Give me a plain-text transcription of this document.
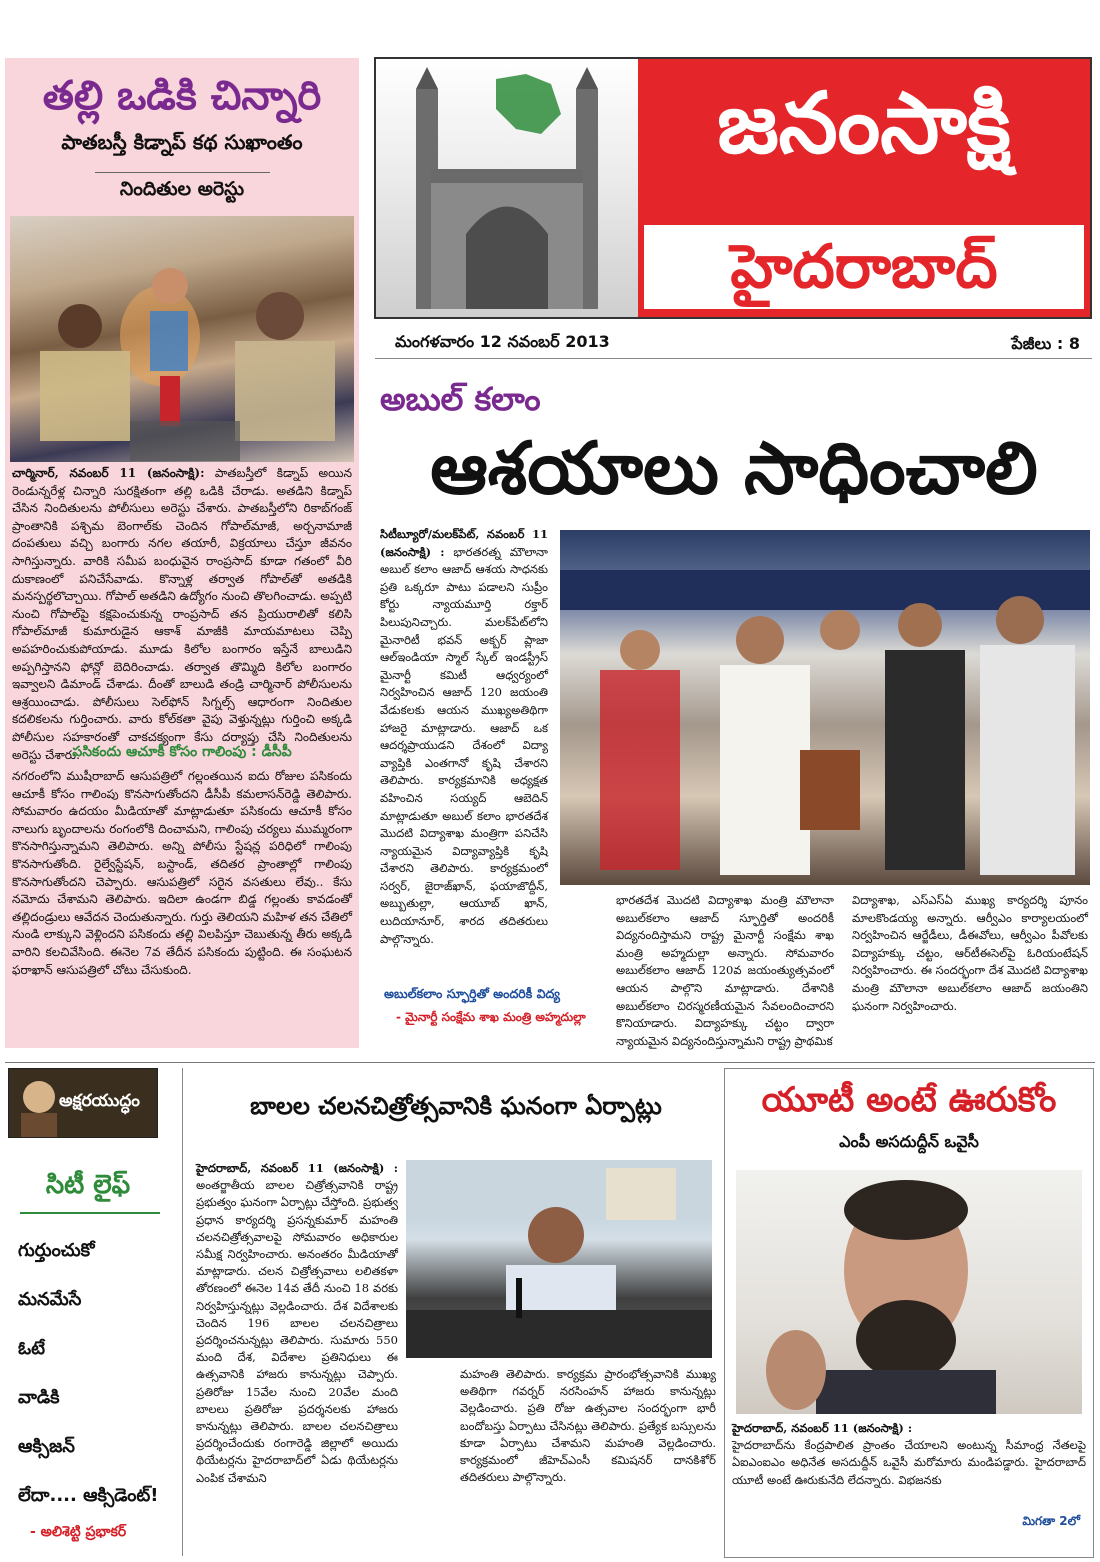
తల్లి ఒడికి చిన్నారి
పాతబస్తీ కిడ్నాప్ కథ సుఖాంతం
నిందితుల అరెస్టు

చార్మినార్, నవంబర్ 11 (జనంసాక్షి): పాతబస్తీలో కిడ్నాప్ అయిన రెండున్నరేళ్ల చిన్నారి సురక్షితంగా తల్లి ఒడికి చేరాడు. అతడిని కిడ్నాప్ చేసిన నిందితులను పోలీసులు అరెస్టు చేశారు. పాతబస్తీలోని రికాబ్‌గంజ్ ప్రాంతానికి పశ్చిమ బెంగాల్‌కు చెందిన గోపాల్‌మాజీ, అర్చనామాజీ దంపతులు వచ్చి బంగారు నగల తయారీ, విక్రయాలు చేస్తూ జీవనం సాగిస్తున్నారు. వారికి సమీప బంధువైన రాంప్రసాద్ కూడా గతంలో వీరి దుకాణంలో పనిచేసేవాడు. కొన్నాళ్ల తర్వాత గోపాల్‌తో అతడికి మనస్పర్థలొచ్చాయి. గోపాల్ అతడిని ఉద్యోగం నుంచి తొలగించాడు. అప్పటి నుంచి గోపాల్‌పై కక్షపెంచుకున్న రాంప్రసాద్ తన ప్రియురాలితో కలిసి గోపాల్‌మాజీ కుమారుడైన ఆకాశ్ మాజీకి మాయమాటలు చెప్పి అపహరించుకుపోయాడు. మూడు కిలోల బంగారం ఇస్తేనే బాలుడిని అప్పగిస్తానని ఫోన్లో బెదిరించాడు. తర్వాత తొమ్మిది కిలోల బంగారం ఇవ్వాలని డిమాండ్ చేశాడు. దీంతో బాలుడి తండ్రి చార్మినార్ పోలీసులను ఆశ్రయించాడు. పోలీసులు సెల్‌ఫోన్ సిగ్నల్స్ ఆధారంగా నిందితుల కదలికలను గుర్తించారు. వారు కోల్‌కతా వైపు వెళ్తున్నట్లు గుర్తించి అక్కడి పోలీసుల సహకారంతో చాకచక్యంగా కేసు దర్యాప్తు చేసి నిందితులను అరెస్టు చేశారు.

పసికందు ఆచూకీ కోసం గాలింపు : డీసీపీ

నగరంలోని ముషీరాబాద్ ఆసుపత్రిలో గల్లంతయిన ఐదు రోజుల పసికందు ఆచూకీ కోసం గాలింపు కొనసాగుతోందని డీసీపీ కమలాసన్‌రెడ్డి తెలిపారు. సోమవారం ఉదయం మీడియాతో మాట్లాడుతూ పసికందు ఆచూకీ కోసం నాలుగు బృందాలను రంగంలోకి దించామని, గాలింపు చర్యలు ముమ్మరంగా కొనసాగిస్తున్నామని తెలిపారు. అన్ని పోలీసు స్టేషన్ల పరిధిలో గాలింపు కొనసాగుతోంది. రైల్వేస్టేషన్, బస్టాండ్, తదితర ప్రాంతాల్లో గాలింపు కొనసాగుతోందని చెప్పారు. ఆసుపత్రిలో సరైన వసతులు లేవు.. కేసు నమోదు చేశామని తెలిపారు. ఇదిలా ఉండగా బిడ్డ గల్లంతు కావడంతో తల్లిదండ్రులు ఆవేదన చెందుతున్నారు. గుర్తు తెలియని మహిళ తన చేతిలో నుండి లాక్కుని వెళ్లిందని పసికందు తల్లి విలపిస్తూ చెబుతున్న తీరు అక్కడి వారిని కలచివేసింది. ఈనెల 7వ తేదీన పసికందు పుట్టింది. ఈ సంఘటన ఫరాఖాన్ ఆసుపత్రిలో చోటు చేసుకుంది.

జనంసాక్షి
హైదరాబాద్
మంగళవారం 12 నవంబర్ 2013	పేజీలు : 8
అబుల్ కలాం
ఆశయాలు సాధించాలి

సిటీబ్యూరో/మలక్‌పేట్, నవంబర్ 11 (జనంసాక్షి) : భారతరత్న మౌలానా అబుల్ కలాం ఆజాద్ ఆశయ సాధనకు ప్రతి ఒక్కరూ పాటు పడాలని సుప్రీం కోర్టు న్యాయమూర్తి రక్తార్ పిలుపునిచ్చారు. మలక్‌పేట్‌లోని మైనారిటీ భవన్ అక్బర్ ప్లాజా ఆల్ఇండియా స్మాల్ స్కేల్ ఇండస్ట్రీస్ మైనార్టీ కమిటీ ఆధ్వర్యంలో నిర్వహించిన ఆజాద్ 120 జయంతి వేడుకలకు ఆయన ముఖ్యఅతిథిగా హాజరై మాట్లాడారు. ఆజాద్ ఒక ఆదర్శప్రాయుడని దేశంలో విద్యా వ్యాప్తికి ఎంతగానో కృషి చేశారని తెలిపారు. కార్యక్రమానికి అధ్యక్షత వహించిన సయ్యద్ ఆబెదిన్ మాట్లాడుతూ అబుల్ కలాం భారతదేశ మొదటి విద్యాశాఖ మంత్రిగా పనిచేసి న్యాయమైన విద్యావ్యాప్తికి కృషి చేశారని తెలిపారు. కార్యక్రమంలో సర్వర్, జైరాజ్‌ఖాన్, ఫయాజొద్దీన్, అబ్బుతుల్లా, ఆయూబ్ ఖాన్, లుదియానూర్, శారద తదితరులు పాల్గొన్నారు.

అబుల్‌కలాం స్ఫూర్తితో అందరికీ విద్య
- మైనార్టీ సంక్షేమ శాఖ మంత్రి అహ్మదుల్లా

భారతదేశ మొదటి విద్యాశాఖ మంత్రి మౌలానా అబుల్‌కలాం ఆజాద్ స్ఫూర్తితో అందరికీ విద్యనందిస్తామని రాష్ట్ర మైనార్టీ సంక్షేమ శాఖ మంత్రి అహ్మదుల్లా అన్నారు. సోమవారం అబుల్‌కలాం ఆజాద్ 120వ జయంత్యుత్సవంలో ఆయన పాల్గొని మాట్లాడారు. దేశానికి అబుల్‌కలాం చిరస్మరణీయమైన సేవలందించారని కొనియాడారు. విద్యాహక్కు చట్టం ద్వారా న్యాయమైన విద్యనందిస్తున్నామని రాష్ట్ర ప్రాథమిక

విద్యాశాఖ, ఎస్ఎస్ఏ ముఖ్య కార్యదర్శి పూనం మాలకొండయ్య అన్నారు. ఆర్వీఎం కార్యాలయంలో నిర్వహించిన ఆర్జేడీలు, డీఈవోలు, ఆర్వీఎం పీవోలకు విద్యాహక్కు చట్టం, ఆర్‌టీఈసెల్‌పై ఓరియంటేషన్ నిర్వహించారు. ఈ సందర్భంగా దేశ మొదటి విద్యాశాఖ మంత్రి మౌలానా అబుల్‌కలాం ఆజాద్ జయంతిని ఘనంగా నిర్వహించారు.

అక్షరయుద్ధం
సిటీ లైఫ్
గుర్తుంచుకో
మనమేసే
ఓటే
వాడికి
ఆక్సిజన్
లేదా.... ఆక్సిడెంట్!
- అలిశెట్టి ప్రభాకర్
బాలల చలనచిత్రోత్సవానికి ఘనంగా ఏర్పాట్లు

హైదరాబాద్, నవంబర్ 11 (జనంసాక్షి) : అంతర్జాతీయ బాలల చిత్రోత్సవానికి రాష్ట్ర ప్రభుత్వం ఘనంగా ఏర్పాట్లు చేస్తోంది. ప్రభుత్వ ప్రధాన కార్యదర్శి ప్రసన్నకుమార్ మహంతి చలనచిత్రోత్సవాలపై సోమవారం అధికారుల సమీక్ష నిర్వహించారు. అనంతరం మీడియాతో మాట్లాడారు. చలన చిత్రోత్సవాలు లలితకళా తోరణంలో ఈనెల 14వ తేదీ నుంచి 18 వరకు నిర్వహిస్తున్నట్లు వెల్లడించారు. దేశ విదేశాలకు చెందిన 196 బాలల చలనచిత్రాలు ప్రదర్శించనున్నట్లు తెలిపారు. సుమారు 550 మంది దేశ, విదేశాల ప్రతినిధులు ఈ ఉత్సవానికి హాజరు కానున్నట్లు చెప్పారు. ప్రతిరోజు 15వేల నుంచి 20వేల మంది బాలలు ప్రతిరోజు ప్రదర్శనలకు హాజరు కానున్నట్లు తెలిపారు. బాలల చలనచిత్రాలు ప్రదర్శించేందుకు రంగారెడ్డి జిల్లాలో అయిదు థియేటర్లను హైదరాబాద్‌లో ఏడు థియేటర్లను ఎంపిక చేశామని

మహంతి తెలిపారు. కార్యక్రమ ప్రారంభోత్సవానికి ముఖ్య అతిథిగా గవర్నర్ నరసింహన్ హాజరు కానున్నట్లు వెల్లడించారు. ప్రతి రోజు ఉత్సవాల సందర్భంగా భారీ బందోబస్తు ఏర్పాటు చేసినట్లు తెలిపారు. ప్రత్యేక బస్సులను కూడా ఏర్పాటు చేశామని మహంతి వెల్లడించారు. కార్యక్రమంలో జీహెచ్ఎంసీ కమిషనర్ దానకిశోర్ తదితరులు పాల్గొన్నారు.

యూటీ అంటే ఊరుకోం
ఎంపీ అసదుద్దీన్ ఒవైసీ

హైదరాబాద్, నవంబర్ 11 (జనంసాక్షి) :
హైదరాబాద్‌ను కేంద్రపాలిత ప్రాంతం చేయాలని అంటున్న సీమాంధ్ర నేతలపై ఏఐఎంఐఎం అధినేత అసదుద్దీన్ ఒవైసీ మరోమారు మండిపడ్డారు. హైదరాబాద్ యూటీ అంటే ఊరుకునేది లేదన్నారు. విభజనకు

మిగతా 2లో
